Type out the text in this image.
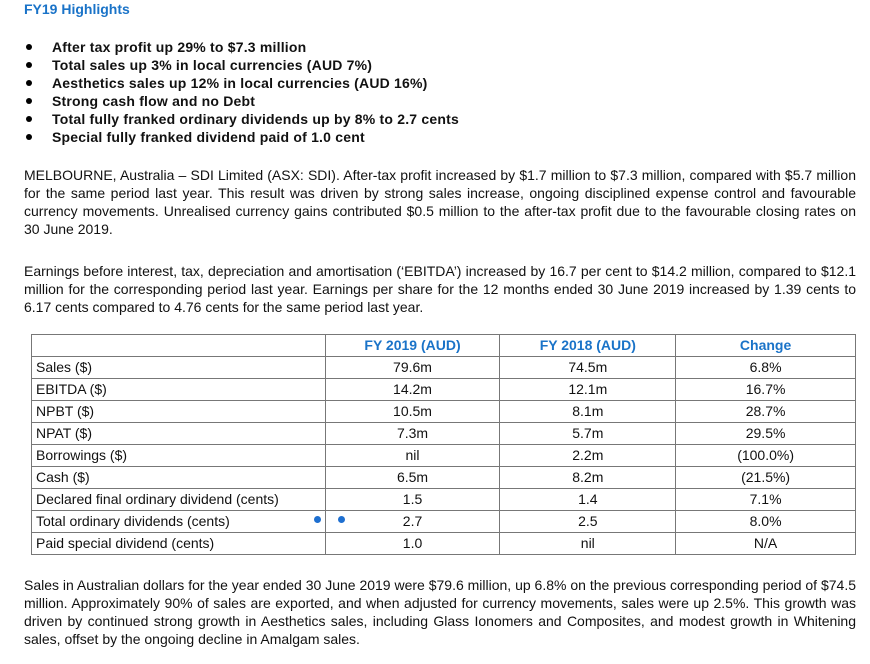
FY19 Highlights
After tax profit up 29% to $7.3 million
Total sales up 3% in local currencies (AUD 7%)
Aesthetics sales up 12% in local currencies (AUD 16%)
Strong cash flow and no Debt
Total fully franked ordinary dividends up by 8% to 2.7 cents
Special fully franked dividend paid of 1.0 cent

MELBOURNE, Australia – SDI Limited (ASX: SDI). After-tax profit increased by $1.7 million to $7.3 million, compared with $5.7 million for the same period last year. This result was driven by strong sales increase, ongoing disciplined expense control and favourable currency movements. Unrealised currency gains contributed $0.5 million to the after-tax profit due to the favourable closing rates on 30 June 2019.

Earnings before interest, tax, depreciation and amortisation (‘EBITDA’) increased by 16.7 per cent to $14.2 million, compared to $12.1 million for the corresponding period last year. Earnings per share for the 12 months ended 30 June 2019 increased by 1.39 cents to 6.17 cents compared to 4.76 cents for the same period last year.

	FY 2019 (AUD)	FY 2018 (AUD)	Change
Sales ($)	79.6m	74.5m	6.8%
EBITDA ($)	14.2m	12.1m	16.7%
NPBT ($)	10.5m	8.1m	28.7%
NPAT ($)	7.3m	5.7m	29.5%
Borrowings ($)	nil	2.2m	(100.0%)
Cash ($)	6.5m	8.2m	(21.5%)
Declared final ordinary dividend (cents)	1.5	1.4	7.1%
Total ordinary dividends (cents)	2.7	2.5	8.0%
Paid special dividend (cents)	1.0	nil	N/A

Sales in Australian dollars for the year ended 30 June 2019 were $79.6 million, up 6.8% on the previous corresponding period of $74.5 million. Approximately 90% of sales are exported, and when adjusted for currency movements, sales were up 2.5%. This growth was driven by continued strong growth in Aesthetics sales, including Glass Ionomers and Composites, and modest growth in Whitening sales, offset by the ongoing decline in Amalgam sales.
